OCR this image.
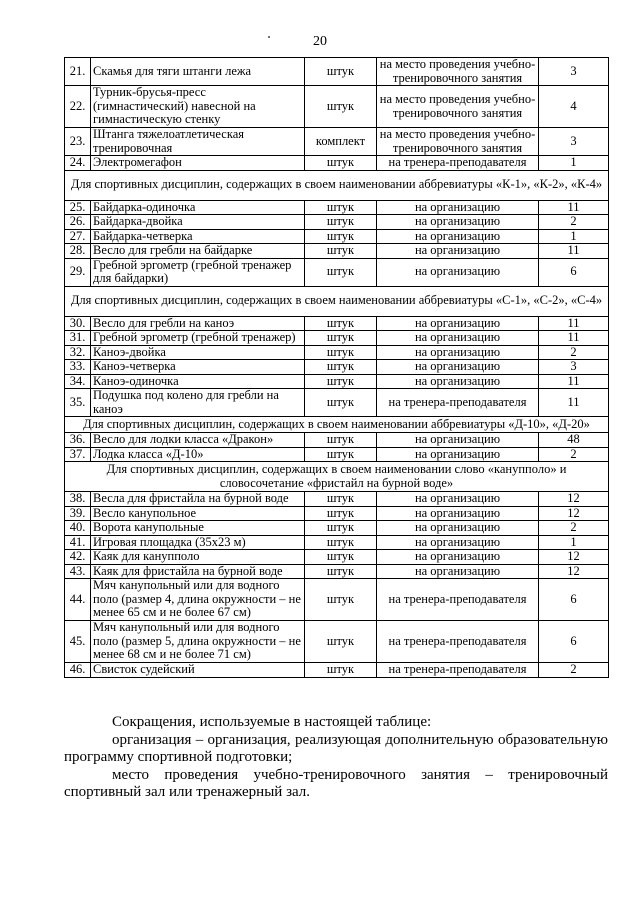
20
21.	Скамья для тяги штанги лежа	штук	на место проведения учебно-тренировочного занятия	3
22.	Турник-брусья-пресс (гимнастический) навесной на гимнастическую стенку	штук	на место проведения учебно-тренировочного занятия	4
23.	Штанга тяжелоатлетическая тренировочная	комплект	на место проведения учебно-тренировочного занятия	3
24.	Электромегафон	штук	на тренера-преподавателя	1
Для спортивных дисциплин, содержащих в своем наименовании аббревиатуры «К-1», «К-2», «К-4»				
25.	Байдарка-одиночка	штук	на организацию	11
26.	Байдарка-двойка	штук	на организацию	2
27.	Байдарка-четверка	штук	на организацию	1
28.	Весло для гребли на байдарке	штук	на организацию	11
29.	Гребной эргометр (гребной тренажер для байдарки)	штук	на организацию	6
Для спортивных дисциплин, содержащих в своем наименовании аббревиатуры «С-1», «С-2», «С-4»				
30.	Весло для гребли на каноэ	штук	на организацию	11
31.	Гребной эргометр (гребной тренажер)	штук	на организацию	11
32.	Каноэ-двойка	штук	на организацию	2
33.	Каноэ-четверка	штук	на организацию	3
34.	Каноэ-одиночка	штук	на организацию	11
35.	Подушка под колено для гребли на каноэ	штук	на тренера-преподавателя	11
Для спортивных дисциплин, содержащих в своем наименовании аббревиатуры «Д-10», «Д-20»				
36.	Весло для лодки класса «Дракон»	штук	на организацию	48
37.	Лодка класса «Д-10»	штук	на организацию	2
Для спортивных дисциплин, содержащих в своем наименовании слово «канупполо» и словосочетание «фристайл на бурной воде»				
38.	Весла для фристайла на бурной воде	штук	на организацию	12
39.	Весло канупольное	штук	на организацию	12
40.	Ворота канупольные	штук	на организацию	2
41.	Игровая площадка (35x23 м)	штук	на организацию	1
42.	Каяк для канупполо	штук	на организацию	12
43.	Каяк для фристайла на бурной воде	штук	на организацию	12
44.	Мяч канупольный или для водного поло (размер 4, длина окружности – не менее 65 см и не более 67 см)	штук	на тренера-преподавателя	6
45.	Мяч канупольный или для водного поло (размер 5, длина окружности – не менее 68 см и не более 71 см)	штук	на тренера-преподавателя	6
46.	Свисток судейский	штук	на тренера-преподавателя	2

Сокращения, используемые в настоящей таблице:

организация – организация, реализующая дополнительную образовательную программу спортивной подготовки;

место проведения учебно-тренировочного занятия – тренировочный спортивный зал или тренажерный зал.
